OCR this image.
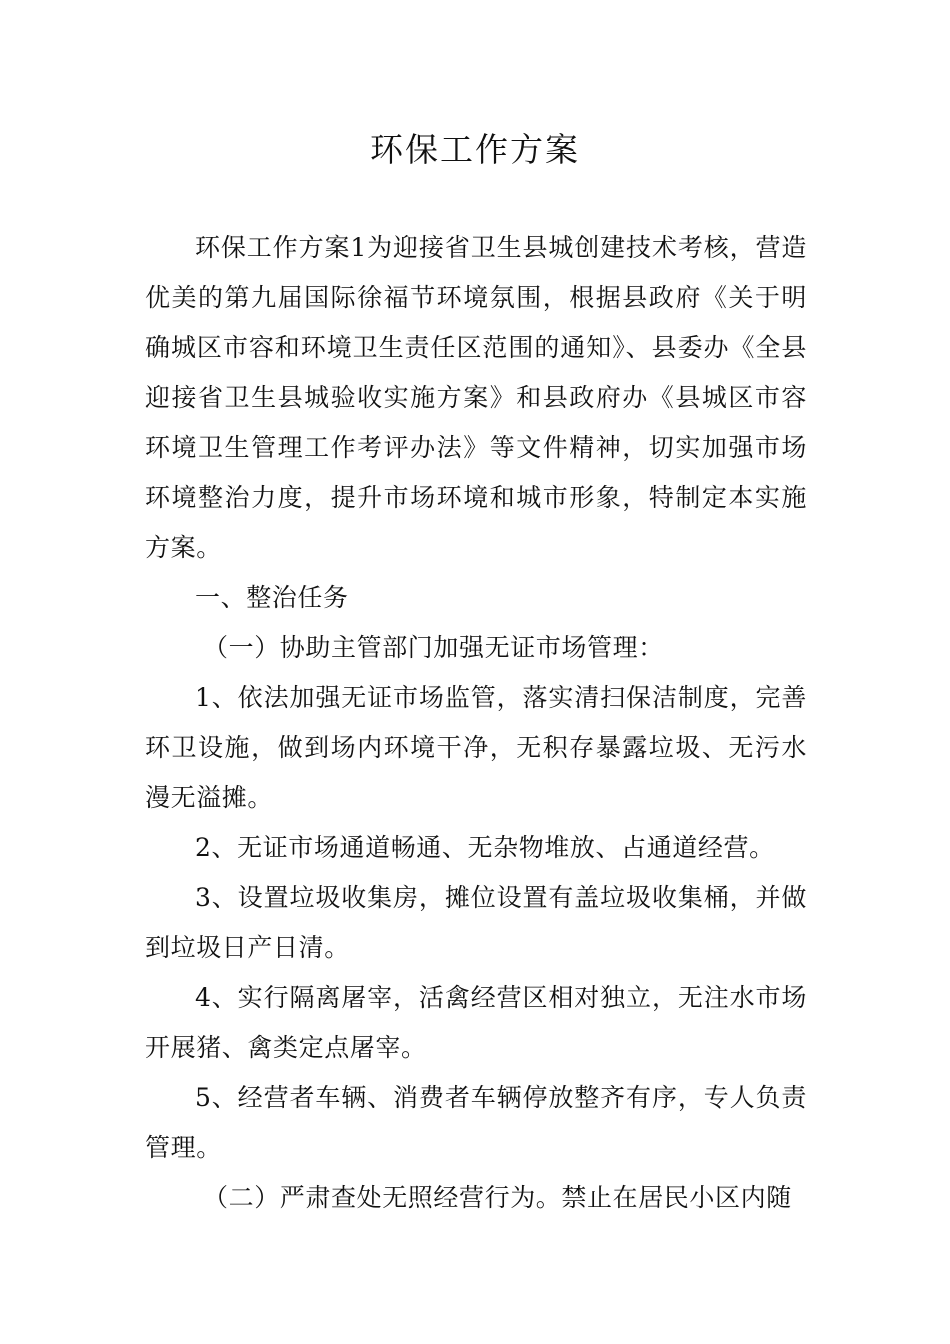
环保工作方案

环保工作方案1为迎接省卫生县城创建技术考核，营造优美的第九届国际徐福节环境氛围，根据县政府《关于明确城区市容和环境卫生责任区范围的通知》、县委办《全县迎接省卫生县城验收实施方案》和县政府办《县城区市容环境卫生管理工作考评办法》等文件精神，切实加强市场环境整治力度，提升市场环境和城市形象，特制定本实施方案。

一、整治任务

（一）协助主管部门加强无证市场管理：

1、依法加强无证市场监管，落实清扫保洁制度，完善环卫设施，做到场内环境干净，无积存暴露垃圾、无污水漫无溢摊。

2、无证市场通道畅通、无杂物堆放、占通道经营。

3、设置垃圾收集房，摊位设置有盖垃圾收集桶，并做到垃圾日产日清。

4、实行隔离屠宰，活禽经营区相对独立，无注水市场开展猪、禽类定点屠宰。

5、经营者车辆、消费者车辆停放整齐有序，专人负责管理。

（二）严肃查处无照经营行为。禁止在居民小区内随
